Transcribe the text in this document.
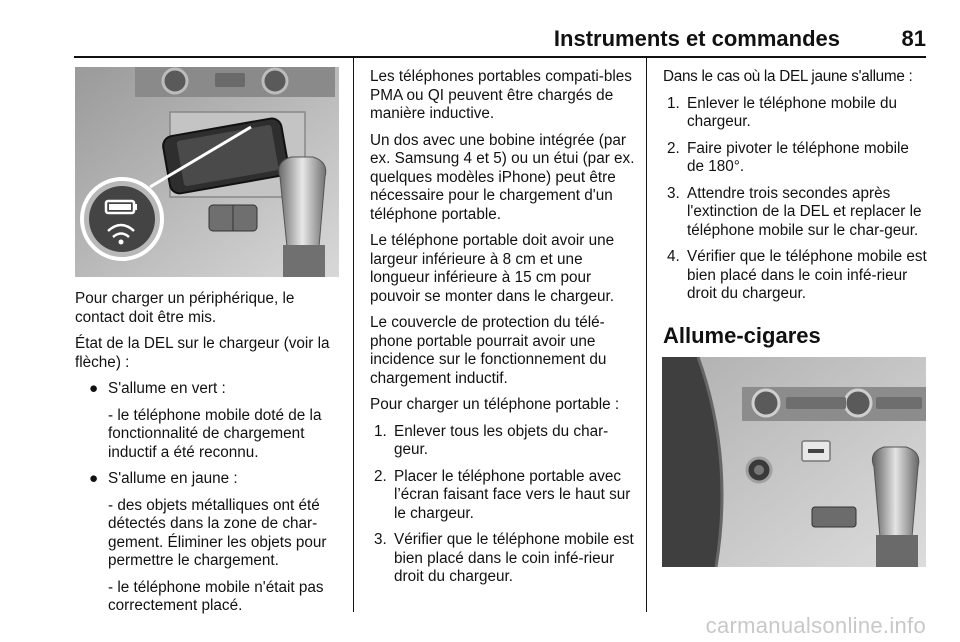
Instruments et commandes	81

Pour charger un périphérique, le contact doit être mis.

État de la DEL sur le chargeur (voir la flèche) :

● S'allume en vert :
- le téléphone mobile doté de la fonctionnalité de chargement inductif a été reconnu.
● S'allume en jaune :
- des objets métalliques ont été détectés dans la zone de char-gement. Éliminer les objets pour permettre le chargement.
- le téléphone mobile n'était pas correctement placé.

Les téléphones portables compati-bles PMA ou QI peuvent être chargés de manière inductive.

Un dos avec une bobine intégrée (par ex. Samsung 4 et 5) ou un étui (par ex. quelques modèles iPhone) peut être nécessaire pour le chargement d'un téléphone portable.

Le téléphone portable doit avoir une largeur inférieure à 8 cm et une longueur inférieure à 15 cm pour pouvoir se monter dans le chargeur.

Le couvercle de protection du télé-phone portable pourrait avoir une incidence sur le fonctionnement du chargement inductif.

Pour charger un téléphone portable :

1. Enlever tous les objets du char-geur.
2. Placer le téléphone portable avec l’écran faisant face vers le haut sur le chargeur.
3. Vérifier que le téléphone mobile est bien placé dans le coin infé-rieur droit du chargeur.

Dans le cas où la DEL jaune s'allume :

1. Enlever le téléphone mobile du chargeur.
2. Faire pivoter le téléphone mobile de 180°.
3. Attendre trois secondes après l'extinction de la DEL et replacer le téléphone mobile sur le char-geur.
4. Vérifier que le téléphone mobile est bien placé dans le coin infé-rieur droit du chargeur.
Allume-cigares
carmanualsonline.info
